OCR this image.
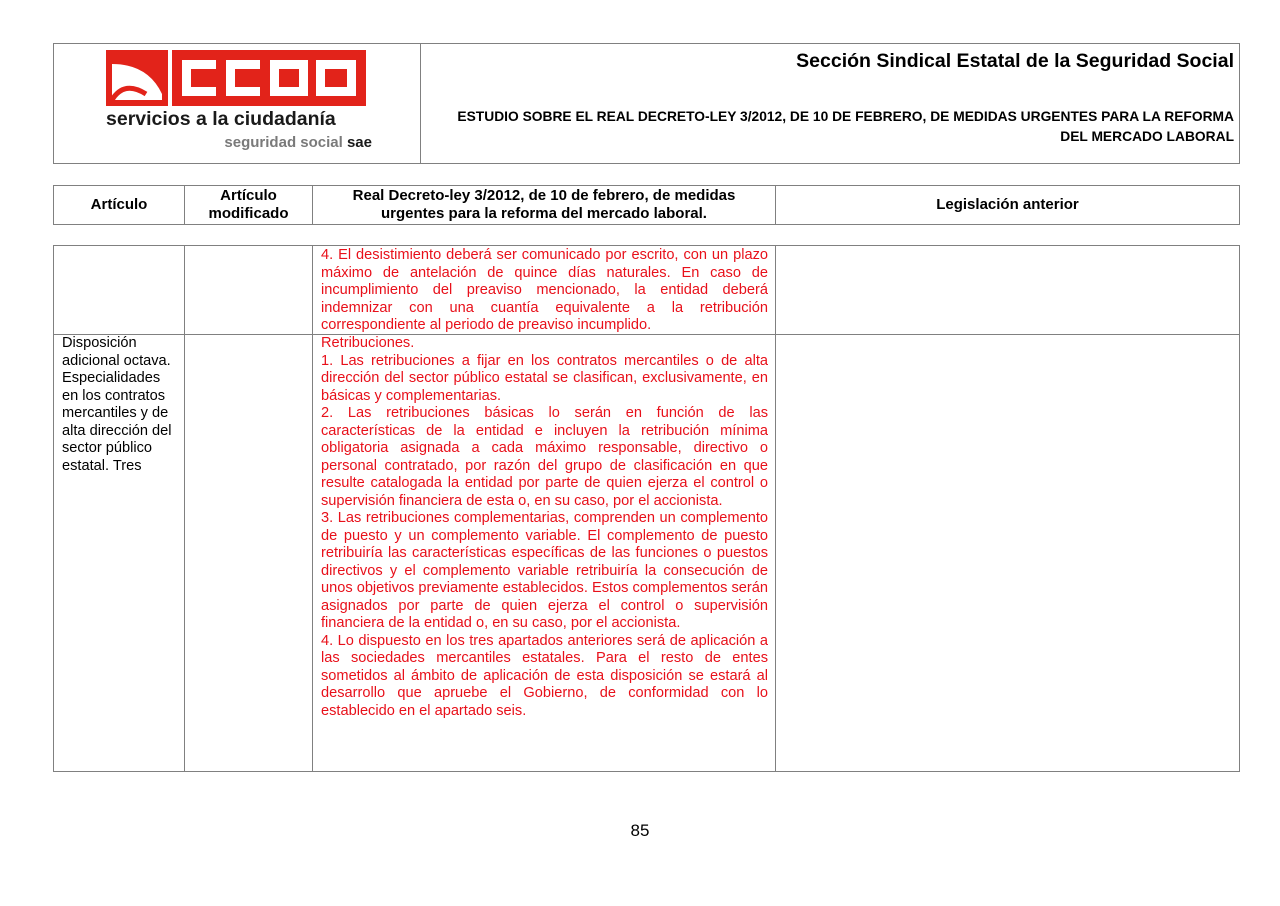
servicios a la ciudadanía
seguridad social sae
Sección Sindical Estatal de la Seguridad Social
ESTUDIO SOBRE EL REAL DECRETO-LEY 3/2012, DE 10 DE FEBRERO, DE MEDIDAS URGENTES PARA LA REFORMA DEL MERCADO LABORAL
Artículo
Artículo modificado
Real Decreto-ley 3/2012, de 10 de febrero, de medidas urgentes para la reforma del mercado laboral.
Legislación anterior

4. El desistimiento deberá ser comunicado por escrito, con un plazo máximo de antelación de quince días naturales. En caso de incumplimiento del preaviso mencionado, la entidad deberá indemnizar con una cuantía equivalente a la retribución correspondiente al periodo de preaviso incumplido.

Disposición adicional octava. Especialidades en los contratos mercantiles y de alta dirección del sector público estatal. Tres

Retribuciones.

1. Las retribuciones a fijar en los contratos mercantiles o de alta dirección del sector público estatal se clasifican, exclusivamente, en básicas y complementarias.

2. Las retribuciones básicas lo serán en función de las características de la entidad e incluyen la retribución mínima obligatoria asignada a cada máximo responsable, directivo o personal contratado, por razón del grupo de clasificación en que resulte catalogada la entidad por parte de quien ejerza el control o supervisión financiera de esta o, en su caso, por el accionista.

3. Las retribuciones complementarias, comprenden un complemento de puesto y un complemento variable. El complemento de puesto retribuiría las características específicas de las funciones o puestos directivos y el complemento variable retribuiría la consecución de unos objetivos previamente establecidos. Estos complementos serán asignados por parte de quien ejerza el control o supervisión financiera de la entidad o, en su caso, por el accionista.

4. Lo dispuesto en los tres apartados anteriores será de aplicación a las sociedades mercantiles estatales. Para el resto de entes sometidos al ámbito de aplicación de esta disposición se estará al desarrollo que apruebe el Gobierno, de conformidad con lo establecido en el apartado seis.

85
